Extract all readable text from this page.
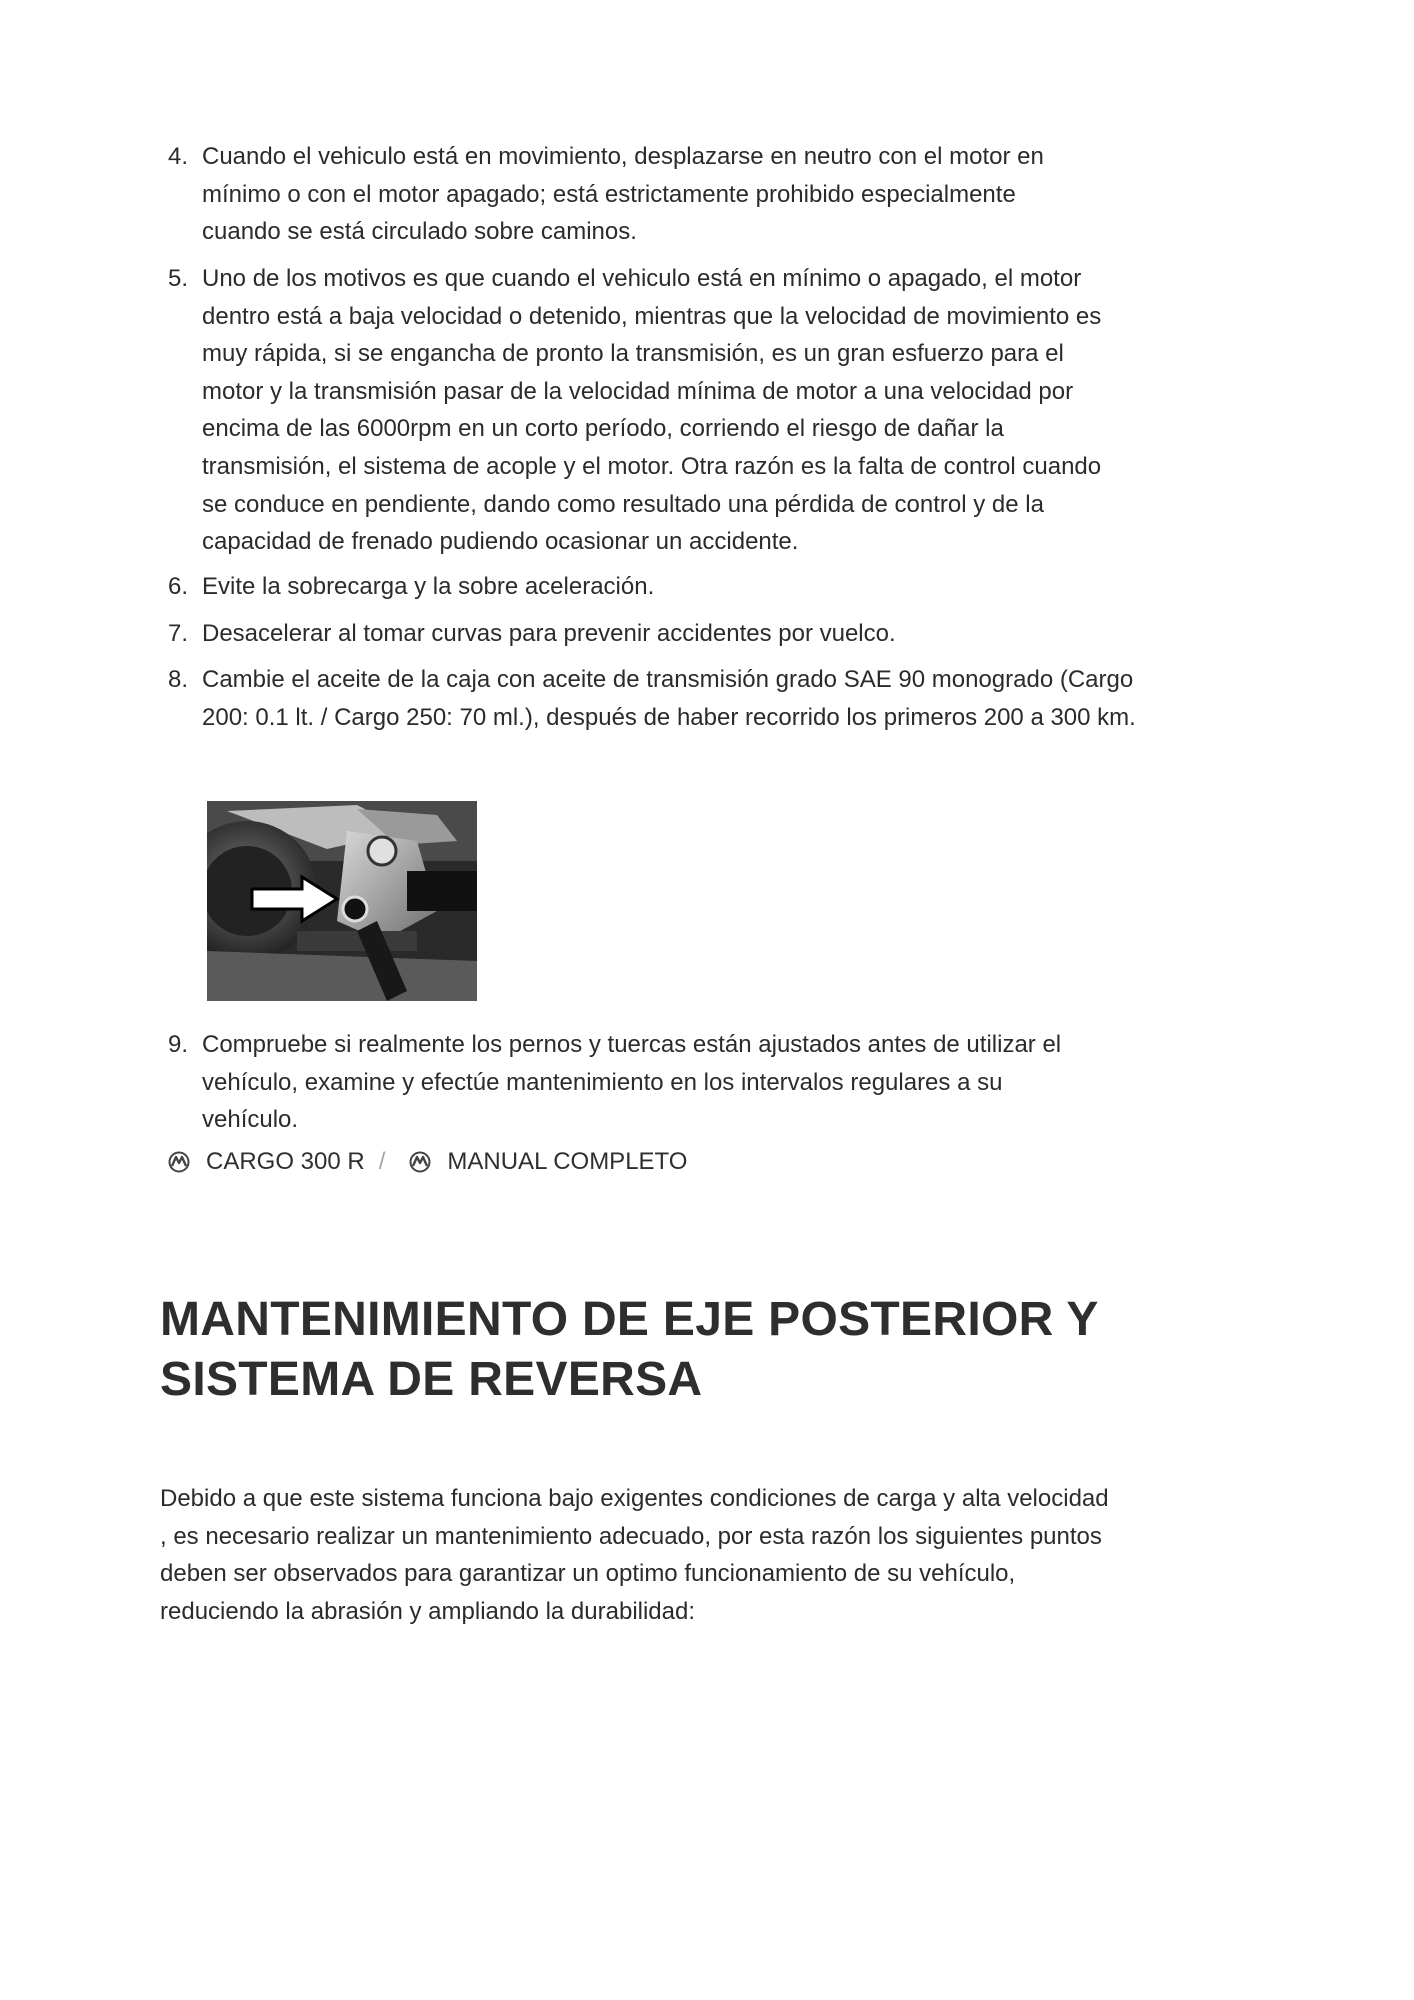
4. Cuando el vehiculo está en movimiento, desplazarse en neutro con el motor en mínimo o con el motor apagado; está estrictamente prohibido especialmente cuando se está circulado sobre caminos.
5. Uno de los motivos es que cuando el vehiculo está en mínimo o apagado, el motor dentro está a baja velocidad o detenido, mientras que la velocidad de movimiento es muy rápida, si se engancha de pronto la transmisión, es un gran esfuerzo para el motor y la transmisión pasar de la velocidad mínima de motor a una velocidad por encima de las 6000rpm en un corto período, corriendo el riesgo de dañar la transmisión, el sistema de acople y el motor. Otra razón es la falta de control cuando se conduce en pendiente, dando como resultado una pérdida de control y de la capacidad de frenado pudiendo ocasionar un accidente.
6. Evite la sobrecarga y la sobre aceleración.
7. Desacelerar al tomar curvas para prevenir accidentes por vuelco.
8. Cambie el aceite de la caja con aceite de transmisión grado SAE 90 monogrado (Cargo 200: 0.1 lt. / Cargo 250: 70 ml.), después de haber recorrido los primeros 200 a 300 km.
9. Compruebe si realmente los pernos y tuercas están ajustados antes de utilizar el vehículo, examine y efectúe mantenimiento en los intervalos regulares a su vehículo.
CARGO 300 R /	MANUAL COMPLETO
MANTENIMIENTO DE EJE POSTERIOR Y SISTEMA DE REVERSA

Debido a que este sistema funciona bajo exigentes condiciones de carga y alta velocidad , es necesario realizar un mantenimiento adecuado, por esta razón los siguientes puntos deben ser observados para garantizar un optimo funcionamiento de su vehículo, reduciendo la abrasión y ampliando la durabilidad:
